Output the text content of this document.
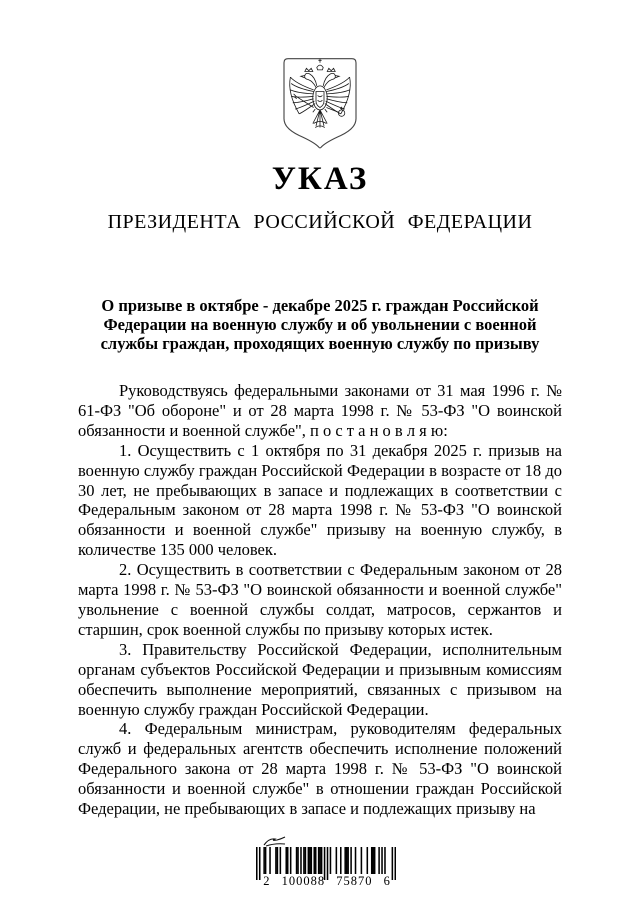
УКАЗ
ПРЕЗИДЕНТА РОССИЙСКОЙ ФЕДЕРАЦИИ
О призыве в октябре - декабре 2025 г. граждан Российской Федерации на военную службу и об увольнении с военной службы граждан, проходящих военную службу по призыву

Руководствуясь федеральными законами от 31 мая 1996 г. № 61-ФЗ "Об обороне" и от 28 марта 1998 г. № 53-ФЗ "О воинской обязанности и военной службе", п о с т а н о в л я ю:

1. Осуществить с 1 октября по 31 декабря 2025 г. призыв на военную службу граждан Российской Федерации в возрасте от 18 до 30 лет, не пребывающих в запасе и подлежащих в соответствии с Федеральным законом от 28 марта 1998 г. № 53-ФЗ "О воинской обязанности и военной службе" призыву на военную службу, в количестве 135 000 человек.

2. Осуществить в соответствии с Федеральным законом от 28 марта 1998 г. № 53-ФЗ "О воинской обязанности и военной службе" увольнение с военной службы солдат, матросов, сержантов и старшин, срок военной службы по призыву которых истек.

3. Правительству Российской Федерации, исполнительным органам субъектов Российской Федерации и призывным комиссиям обеспечить выполнение мероприятий, связанных с призывом на военную службу граждан Российской Федерации.

4. Федеральным министрам, руководителям федеральных служб и федеральных агентств обеспечить исполнение положений Федерального закона от 28 марта 1998 г. № 53-ФЗ "О воинской обязанности и военной службе" в отношении граждан Российской Федерации, не пребывающих в запасе и подлежащих призыву на

2 100088 75870 6
